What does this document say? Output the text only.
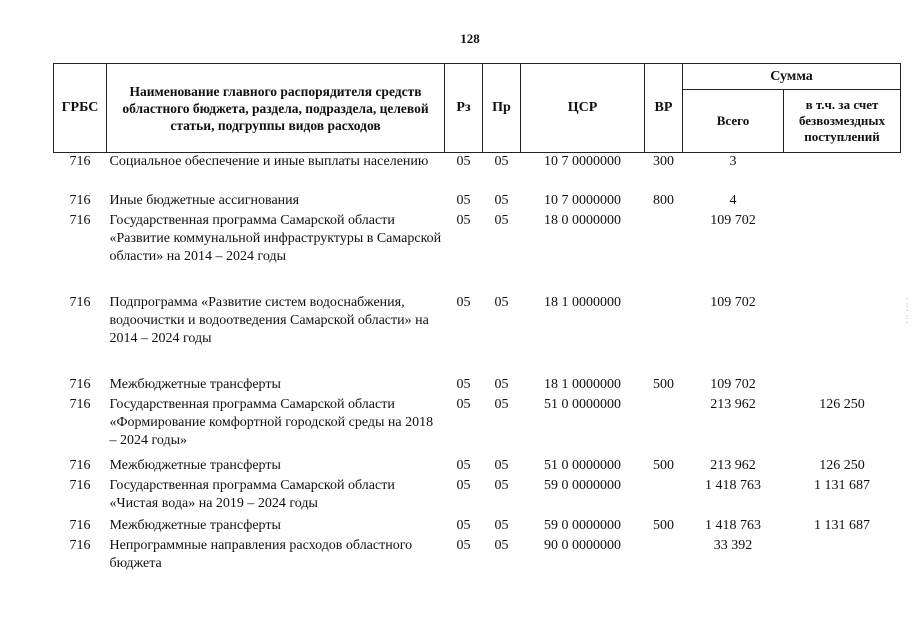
128
ГРБС	Наименование главного распорядителя средств областного бюджета, раздела, подраздела, целевой статьи, подгруппы видов расходов	Рз	Пр	ЦСР	ВР	Сумма	
						Всего	в т.ч. за счет безвозмездных поступлений
716	Социальное обеспечение и иные выплаты населению	05	05	10 7 0000000	300	3	
716	Иные бюджетные ассигнования	05	05	10 7 0000000	800	4	
716	Государственная программа Самарской области «Развитие коммунальной инфраструктуры в Самарской области» на 2014 – 2024 годы	05	05	18 0 0000000		109 702	
716	Подпрограмма «Развитие систем водоснабжения, водоочистки и водоотведения Самарской области» на 2014 – 2024 годы	05	05	18 1 0000000		109 702	
716	Межбюджетные трансферты	05	05	18 1 0000000	500	109 702	
716	Государственная программа Самарской области «Формирование комфортной городской среды на 2018 – 2024 годы»	05	05	51 0 0000000		213 962	126 250
716	Межбюджетные трансферты	05	05	51 0 0000000	500	213 962	126 250
716	Государственная программа Самарской области «Чистая вода» на 2019 – 2024 годы	05	05	59 0 0000000		1 418 763	1 131 687
716	Межбюджетные трансферты	05	05	59 0 0000000	500	1 418 763	1 131 687
716	Непрограммные направления расходов областного бюджета	05	05	90 0 0000000		33 392	
·
:
·
:
·
